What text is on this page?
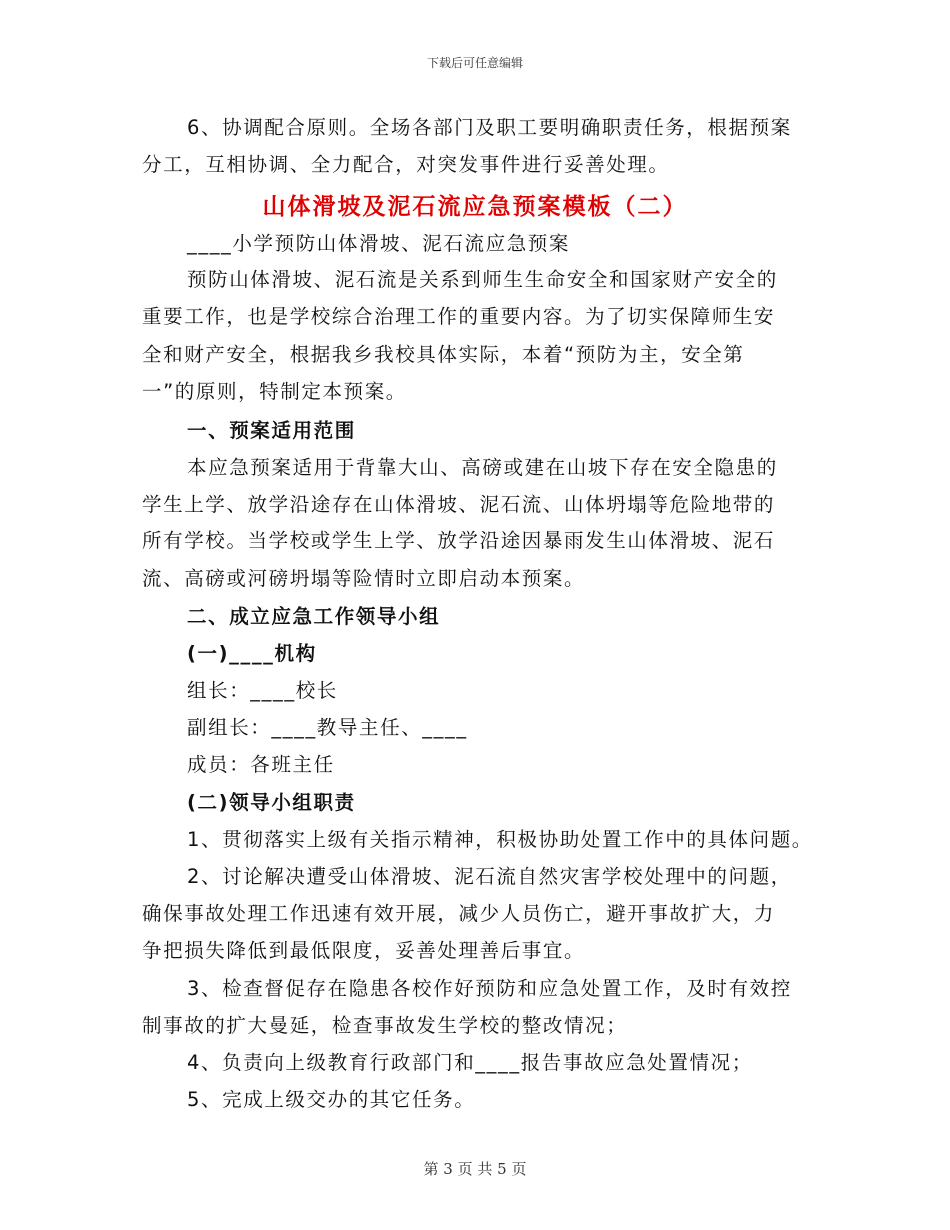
下载后可任意编辑
6、协调配合原则。全场各部门及职工要明确职责任务，根据预案
分工，互相协调、全力配合，对突发事件进行妥善处理。
山体滑坡及泥石流应急预案模板（二）
____小学预防山体滑坡、泥石流应急预案
预防山体滑坡、泥石流是关系到师生生命安全和国家财产安全的
重要工作，也是学校综合治理工作的重要内容。为了切实保障师生安
全和财产安全，根据我乡我校具体实际，本着“预防为主，安全第
一”的原则，特制定本预案。
一、预案适用范围
本应急预案适用于背靠大山、高磅或建在山坡下存在安全隐患的
学生上学、放学沿途存在山体滑坡、泥石流、山体坍塌等危险地带的
所有学校。当学校或学生上学、放学沿途因暴雨发生山体滑坡、泥石
流、高磅或河磅坍塌等险情时立即启动本预案。
二、成立应急工作领导小组
(一)____机构
组长：____校长
副组长：____教导主任、____
成员：各班主任
(二)领导小组职责
1、贯彻落实上级有关指示精神，积极协助处置工作中的具体问题。
2、讨论解决遭受山体滑坡、泥石流自然灾害学校处理中的问题，
确保事故处理工作迅速有效开展，减少人员伤亡，避开事故扩大，力
争把损失降低到最低限度，妥善处理善后事宜。
3、检查督促存在隐患各校作好预防和应急处置工作，及时有效控
制事故的扩大曼延，检查事故发生学校的整改情况；
4、负责向上级教育行政部门和____报告事故应急处置情况；
5、完成上级交办的其它任务。
第 3 页 共 5 页
